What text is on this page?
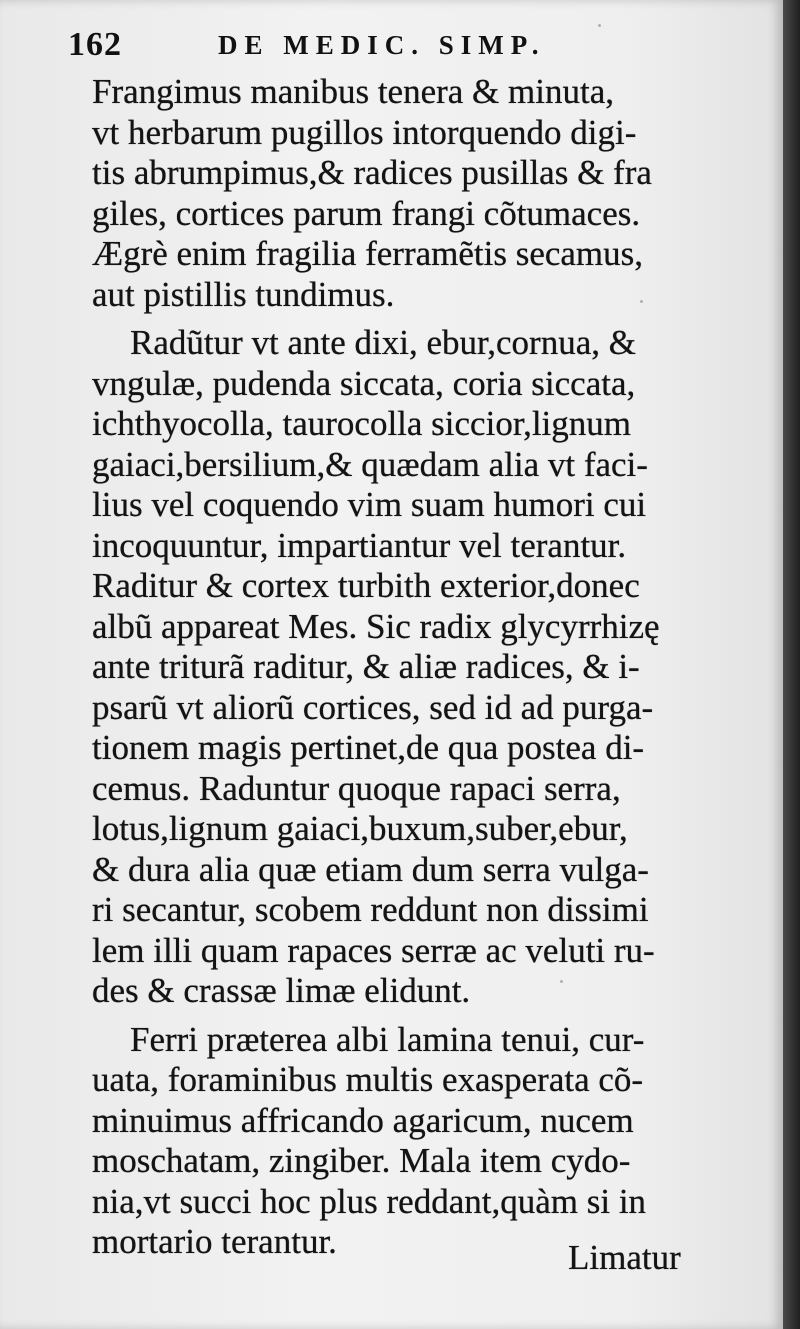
162	DE MEDIC. SIMP.
Frangimus manibus tenera & minuta,
vt herbarum pugillos intorquendo digi-
tis abrumpimus,& radices pusillas & fra
giles, cortices parum frangi cõtumaces.
Ægrè enim fragilia ferramẽtis secamus,
aut pistillis tundimus.
Radũtur vt ante dixi, ebur,cornua, &
vngulæ, pudenda siccata, coria siccata,
ichthyocolla, taurocolla siccior,lignum
gaiaci,bersilium,& quædam alia vt faci-
lius vel coquendo vim suam humori cui
incoquuntur, impartiantur vel terantur.
Raditur & cortex turbith exterior,donec
albũ appareat Mes. Sic radix glycyrrhizę
ante triturã raditur, & aliæ radices, & i-
psarũ vt aliorũ cortices, sed id ad purga-
tionem magis pertinet,de qua postea di-
cemus. Raduntur quoque rapaci serra,
lotus,lignum gaiaci,buxum,suber,ebur,
& dura alia quæ etiam dum serra vulga-
ri secantur, scobem reddunt non dissimi
lem illi quam rapaces serræ ac veluti ru-
des & crassæ limæ elidunt.
Ferri præterea albi lamina tenui, cur-
uata, foraminibus multis exasperata cõ-
minuimus affricando agaricum, nucem
moschatam, zingiber. Mala item cydo-
nia,vt succi hoc plus reddant,quàm si in
mortario terantur.	Limatur
